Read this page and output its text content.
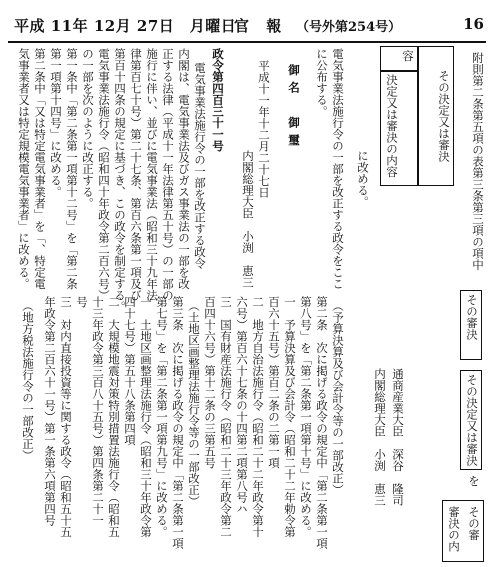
平成 11年 12月 27日　月曜日
官 報 （号外第254号）	16
附則第二条第五項の表第三条第三項の項中
その決定又は審決
容
決定又は審決の内容
に改める。
その審決
その決定又は審決
を
その審
審決の内
通商産業大臣　深谷　隆司
内閣総理大臣　小渕　恵三
電気事業法施行令の一部を改正する政令をここ
に公布する。
御名　御璽
平成十一年十二月二十七日
内閣総理大臣　小渕　恵三
政令第四百三十一号
電気事業法施行令の一部を改正する政令
内閣は、電気事業法及びガス事業法の一部を改
正する法律（平成十一年法律第五十号）の一部の
施行に伴い、並びに電気事業法（昭和三十九年法
律第百七十号）第二十七条、第百六条第一項及び
第百十四条の規定に基づき、この政令を制定する。
電気事業法施行令（昭和四十年政令第二百六号）
の一部を次のように改正する。
第一条中「第二条第一項第十二号」を「第二条
第一項第十四号」に改める。
第二条中「又は特定電気事業者」を「、特定電
気事業者又は特定規模電気事業者」に改める。
（予算決算及び会計令等の一部改正）
第二条　次に掲げる政令の規定中「第二条第一項
第八号」を「第二条第一項第十号」に改める。
一　予算決算及び会計令（昭和二十二年勅令第
百六十五号）第百二条の二第一項
二　地方自治法施行令（昭和二十二年政令第十
六号）第百六十七条の十四第二項第八号ハ
三　国有財産法施行令（昭和二十三年政令第二
百四十六号）第十二条の三第五号
（土地区画整理法施行令等の一部改正）
第三条　次に掲げる政令の規定中「第二条第一項
第七号」を「第二条第一項第九号」に改める。
一　土地区画整理法施行令（昭和三十年政令第
四十七号）第五十八条第四項
二　大規模地震対策特別措置法施行令（昭和五
十三年政令第三百八十五号）第四条第二十一
号
三　対内直接投資等に関する政令（昭和五十五
年政令第二百六十一号）第一条第六項第四号
（地方税法施行令の一部改正）
